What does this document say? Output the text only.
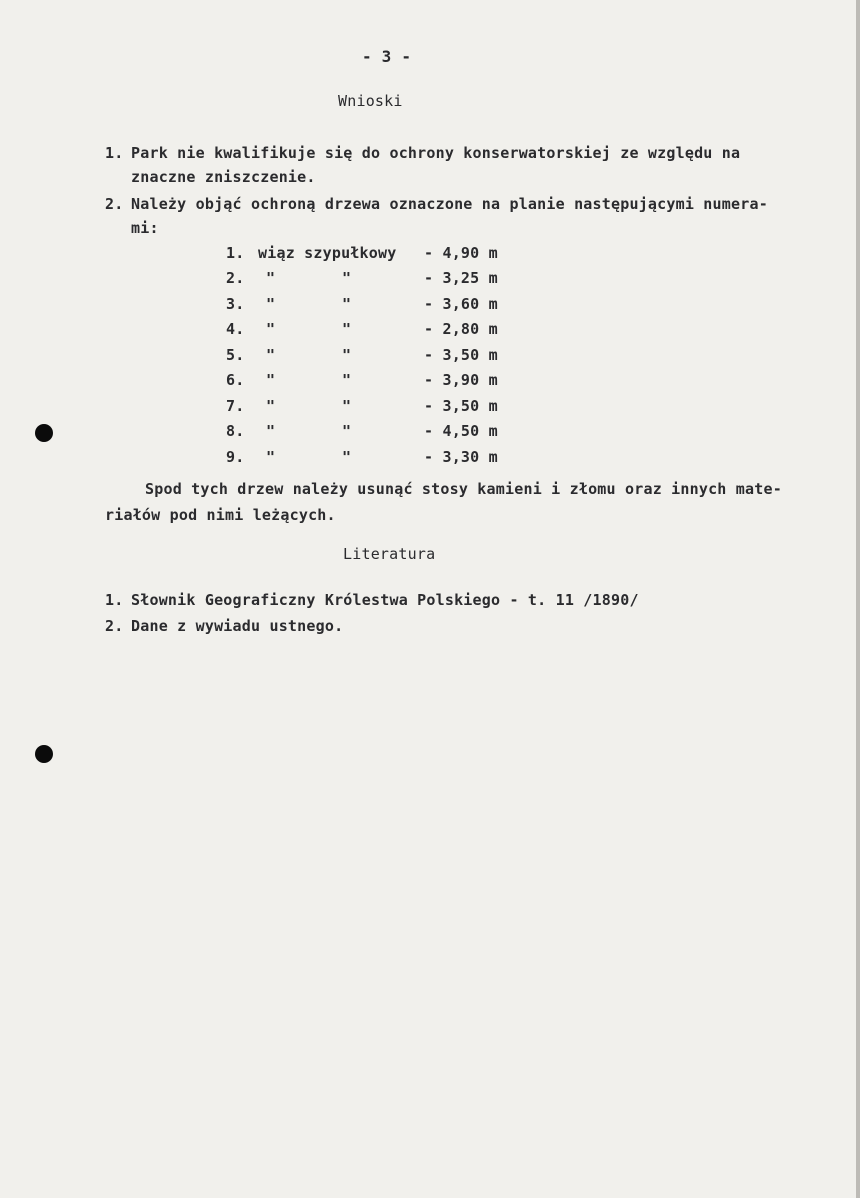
- 3 -
Wnioski
1. Park nie kwalifikuje się do ochrony konserwatorskiej ze względu na
znaczne zniszczenie.
2. Należy objąć ochroną drzewa oznaczone na planie następującymi numera-
mi:
1. wiąz szypułkowy - 4,90 m
2. "	"	- 3,25 m
3. "	"	- 3,60 m
4. "	"	- 2,80 m
5. "	"	- 3,50 m
6. "	"	- 3,90 m
7. "	"	- 3,50 m
8. "	"	- 4,50 m
9. "	"	- 3,30 m
Spod tych drzew należy usunąć stosy kamieni i złomu oraz innych mate-
riałów pod nimi leżących.
Literatura
1. Słownik Geograficzny Królestwa Polskiego - t. 11 /1890/
2. Dane z wywiadu ustnego.
